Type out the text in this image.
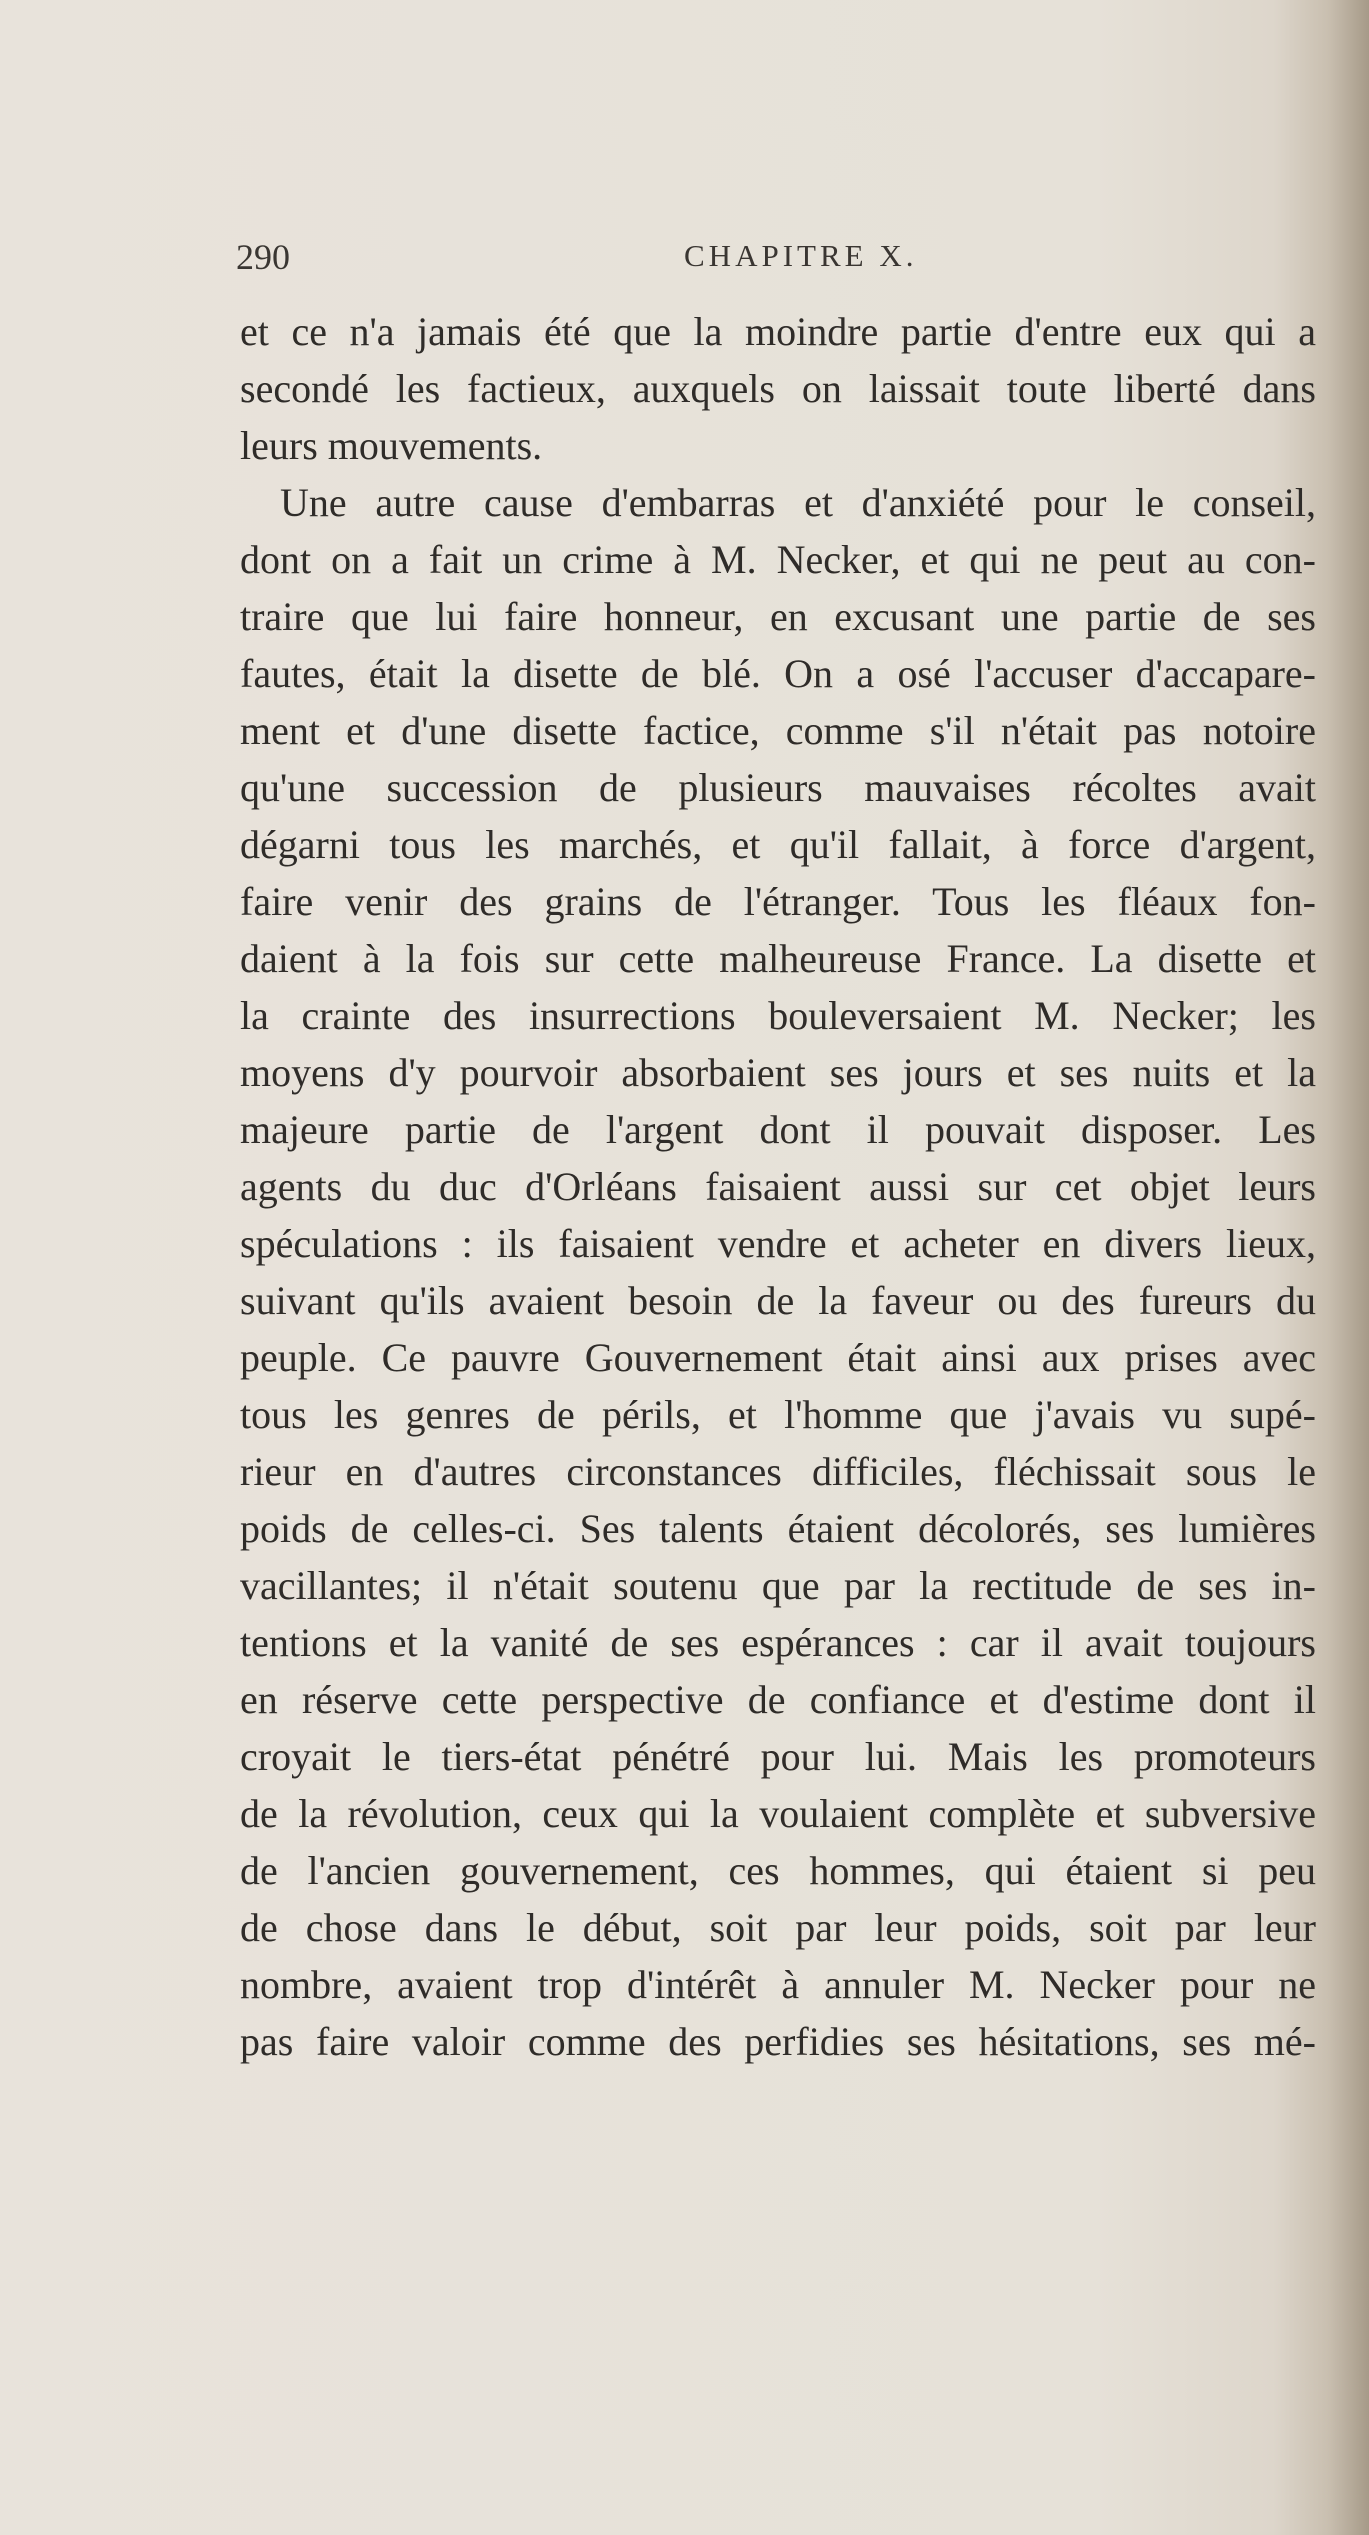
290	CHAPITRE X.
et ce n'a jamais été que la moindre partie d'entre eux qui a
secondé les factieux, auxquels on laissait toute liberté dans
leurs mouvements.
Une autre cause d'embarras et d'anxiété pour le conseil,
dont on a fait un crime à M. Necker, et qui ne peut au con-
traire que lui faire honneur, en excusant une partie de ses
fautes, était la disette de blé. On a osé l'accuser d'accapare-
ment et d'une disette factice, comme s'il n'était pas notoire
qu'une succession de plusieurs mauvaises récoltes avait
dégarni tous les marchés, et qu'il fallait, à force d'argent,
faire venir des grains de l'étranger. Tous les fléaux fon-
daient à la fois sur cette malheureuse France. La disette et
la crainte des insurrections bouleversaient M. Necker; les
moyens d'y pourvoir absorbaient ses jours et ses nuits et la
majeure partie de l'argent dont il pouvait disposer. Les
agents du duc d'Orléans faisaient aussi sur cet objet leurs
spéculations : ils faisaient vendre et acheter en divers lieux,
suivant qu'ils avaient besoin de la faveur ou des fureurs du
peuple. Ce pauvre Gouvernement était ainsi aux prises avec
tous les genres de périls, et l'homme que j'avais vu supé-
rieur en d'autres circonstances difficiles, fléchissait sous le
poids de celles-ci. Ses talents étaient décolorés, ses lumières
vacillantes; il n'était soutenu que par la rectitude de ses in-
tentions et la vanité de ses espérances : car il avait toujours
en réserve cette perspective de confiance et d'estime dont il
croyait le tiers-état pénétré pour lui. Mais les promoteurs
de la révolution, ceux qui la voulaient complète et subversive
de l'ancien gouvernement, ces hommes, qui étaient si peu
de chose dans le début, soit par leur poids, soit par leur
nombre, avaient trop d'intérêt à annuler M. Necker pour ne
pas faire valoir comme des perfidies ses hésitations, ses mé-
